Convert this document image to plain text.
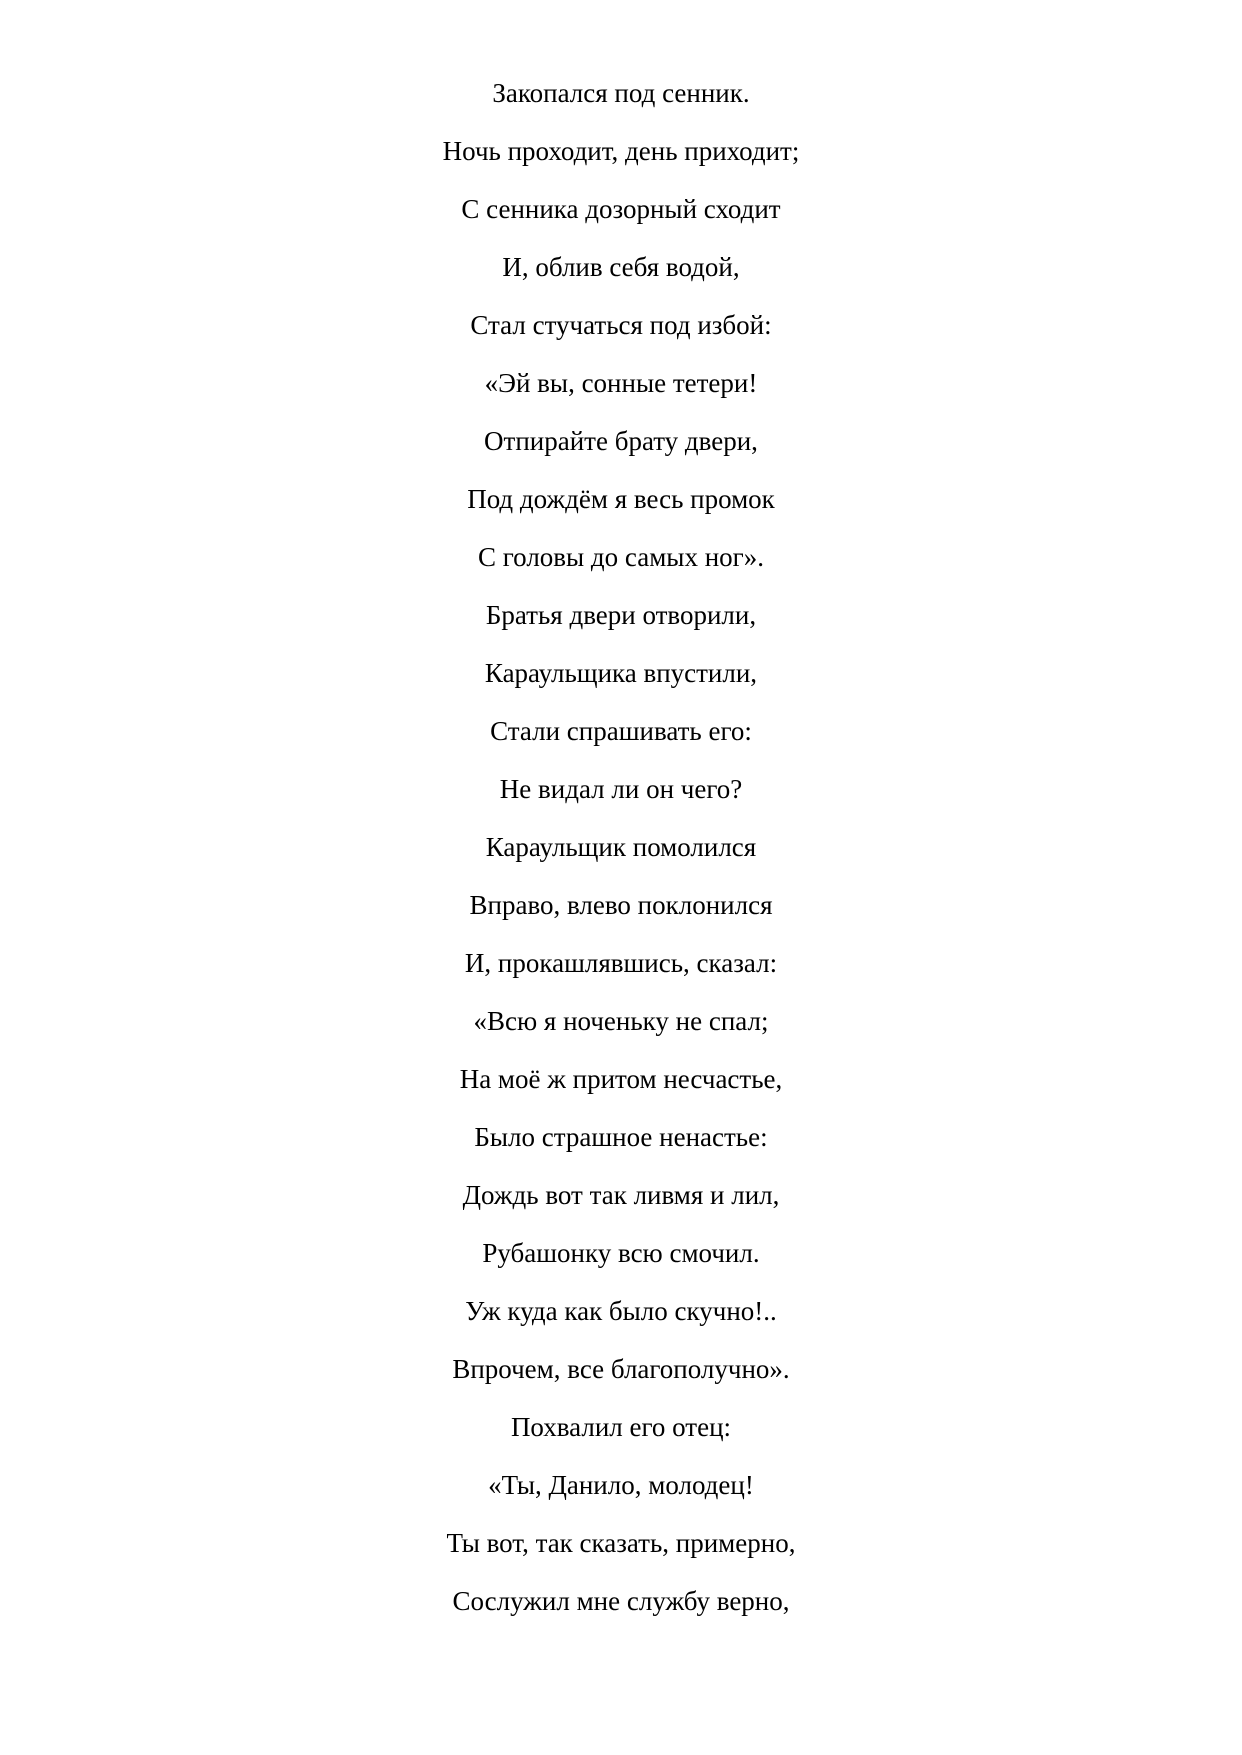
Закопался под сенник.
Ночь проходит, день приходит;
С сенника дозорный сходит
И, облив себя водой,
Стал стучаться под избой:
«Эй вы, сонные тетери!
Отпирайте брату двери,
Под дождём я весь промок
С головы до самых ног».
Братья двери отворили,
Караульщика впустили,
Стали спрашивать его:
Не видал ли он чего?
Караульщик помолился
Вправо, влево поклонился
И, прокашлявшись, сказал:
«Всю я ноченьку не спал;
На моё ж притом несчастье,
Было страшное ненастье:
Дождь вот так ливмя и лил,
Рубашонку всю смочил.
Уж куда как было скучно!..
Впрочем, все благополучно».
Похвалил его отец:
«Ты, Данило, молодец!
Ты вот, так сказать, примерно,
Сослужил мне службу верно,
